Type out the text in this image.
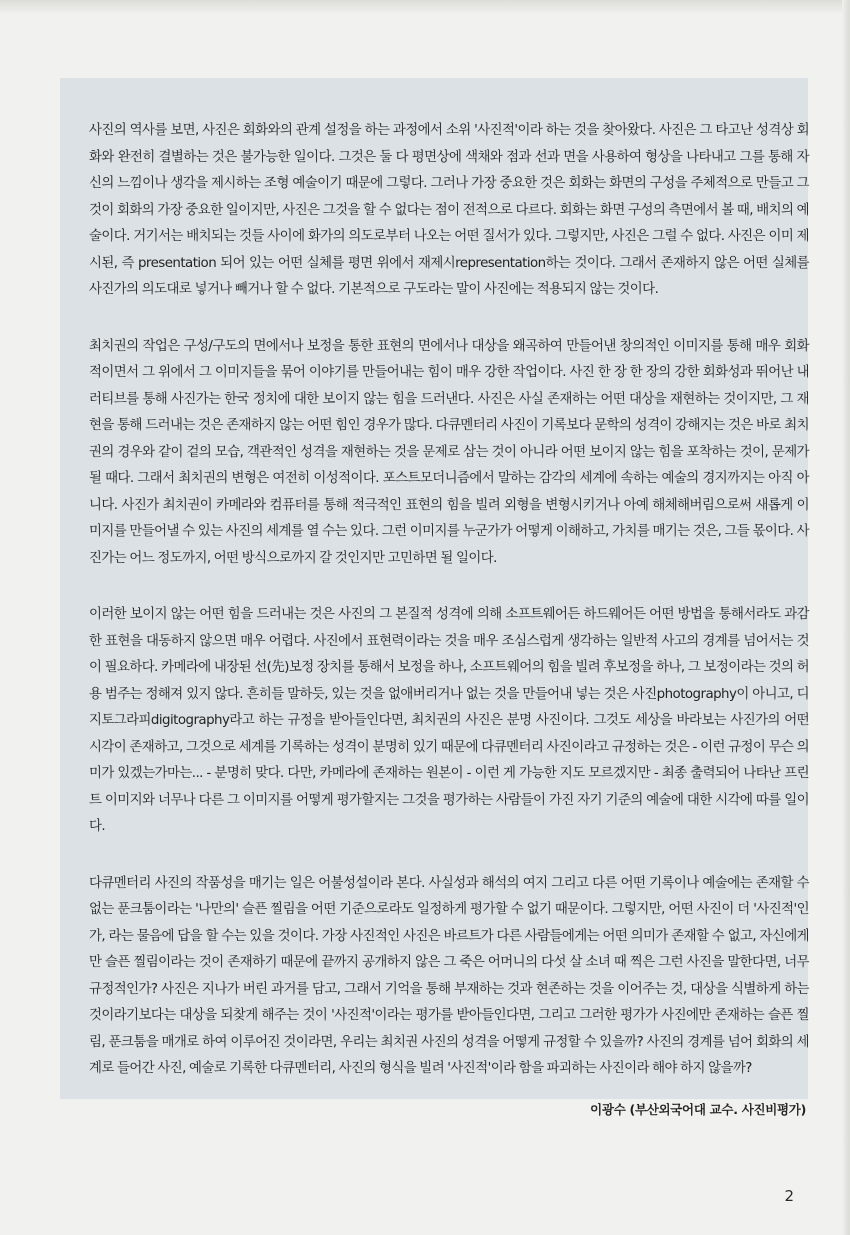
사진의 역사를 보면, 사진은 회화와의 관계 설정을 하는 과정에서 소위 '사진적'이라 하는 것을 찾아왔다. 사진은 그 타고난 성격상 회화와 완전히 결별하는 것은 불가능한 일이다. 그것은 둘 다 평면상에 색채와 점과 선과 면을 사용하여 형상을 나타내고 그를 통해 자신의 느낌이나 생각을 제시하는 조형 예술이기 때문에 그렇다. 그러나 가장 중요한 것은 회화는 화면의 구성을 주체적으로 만들고 그것이 회화의 가장 중요한 일이지만, 사진은 그것을 할 수 없다는 점이 전적으로 다르다. 회화는 화면 구성의 측면에서 볼 때, 배치의 예술이다. 거기서는 배치되는 것들 사이에 화가의 의도로부터 나오는 어떤 질서가 있다. 그렇지만, 사진은 그럴 수 없다. 사진은 이미 제시된, 즉 presentation 되어 있는 어떤 실체를 평면 위에서 재제시representation하는 것이다. 그래서 존재하지 않은 어떤 실체를 사진가의 의도대로 넣거나 빼거나 할 수 없다. 기본적으로 구도라는 말이 사진에는 적용되지 않는 것이다.

최치권의 작업은 구성/구도의 면에서나 보정을 통한 표현의 면에서나 대상을 왜곡하여 만들어낸 창의적인 이미지를 통해 매우 회화적이면서 그 위에서 그 이미지들을 묶어 이야기를 만들어내는 힘이 매우 강한 작업이다. 사진 한 장 한 장의 강한 회화성과 뛰어난 내러티브를 통해 사진가는 한국 정치에 대한 보이지 않는 힘을 드러낸다. 사진은 사실 존재하는 어떤 대상을 재현하는 것이지만, 그 재현을 통해 드러내는 것은 존재하지 않는 어떤 힘인 경우가 많다. 다큐멘터리 사진이 기록보다 문학의 성격이 강해지는 것은 바로 최치권의 경우와 같이 겉의 모습, 객관적인 성격을 재현하는 것을 문제로 삼는 것이 아니라 어떤 보이지 않는 힘을 포착하는 것이, 문제가 될 때다. 그래서 최치권의 변형은 여전히 이성적이다. 포스트모더니즘에서 말하는 감각의 세계에 속하는 예술의 경지까지는 아직 아니다. 사진가 최치권이 카메라와 컴퓨터를 통해 적극적인 표현의 힘을 빌려 외형을 변형시키거나 아예 해체해버림으로써 새롭게 이미지를 만들어낼 수 있는 사진의 세계를 열 수는 있다. 그런 이미지를 누군가가 어떻게 이해하고, 가치를 매기는 것은, 그들 몫이다. 사진가는 어느 정도까지, 어떤 방식으로까지 갈 것인지만 고민하면 될 일이다.

이러한 보이지 않는 어떤 힘을 드러내는 것은 사진의 그 본질적 성격에 의해 소프트웨어든 하드웨어든 어떤 방법을 통해서라도 과감한 표현을 대동하지 않으면 매우 어렵다. 사진에서 표현력이라는 것을 매우 조심스럽게 생각하는 일반적 사고의 경계를 넘어서는 것이 필요하다. 카메라에 내장된 선(先)보정 장치를 통해서 보정을 하나, 소프트웨어의 힘을 빌려 후보정을 하나, 그 보정이라는 것의 허용 범주는 정해져 있지 않다. 흔히들 말하듯, 있는 것을 없애버리거나 없는 것을 만들어내 넣는 것은 사진photography이 아니고, 디지토그라피digitography라고 하는 규정을 받아들인다면, 최치권의 사진은 분명 사진이다. 그것도 세상을 바라보는 사진가의 어떤 시각이 존재하고, 그것으로 세계를 기록하는 성격이 분명히 있기 때문에 다큐멘터리 사진이라고 규정하는 것은 - 이런 규정이 무슨 의미가 있겠는가마는... - 분명히 맞다. 다만, 카메라에 존재하는 원본이 - 이런 게 가능한 지도 모르겠지만 - 최종 출력되어 나타난 프린트 이미지와 너무나 다른 그 이미지를 어떻게 평가할지는 그것을 평가하는 사람들이 가진 자기 기준의 예술에 대한 시각에 따를 일이다.

다큐멘터리 사진의 작품성을 매기는 일은 어불성설이라 본다. 사실성과 해석의 여지 그리고 다른 어떤 기록이나 예술에는 존재할 수 없는 푼크툼이라는 '나만의' 슬픈 찔림을 어떤 기준으로라도 일정하게 평가할 수 없기 때문이다. 그렇지만, 어떤 사진이 더 '사진적'인가, 라는 물음에 답을 할 수는 있을 것이다. 가장 사진적인 사진은 바르트가 다른 사람들에게는 어떤 의미가 존재할 수 없고, 자신에게만 슬픈 찔림이라는 것이 존재하기 때문에 끝까지 공개하지 않은 그 죽은 어머니의 다섯 살 소녀 때 찍은 그런 사진을 말한다면, 너무 규정적인가? 사진은 지나가 버린 과거를 담고, 그래서 기억을 통해 부재하는 것과 현존하는 것을 이어주는 것, 대상을 식별하게 하는 것이라기보다는 대상을 되찾게 해주는 것이 '사진적'이라는 평가를 받아들인다면, 그리고 그러한 평가가 사진에만 존재하는 슬픈 찔림, 푼크툼을 매개로 하여 이루어진 것이라면, 우리는 최치권 사진의 성격을 어떻게 규정할 수 있을까? 사진의 경계를 넘어 회화의 세계로 들어간 사진, 예술로 기록한 다큐멘터리, 사진의 형식을 빌려 '사진적'이라 함을 파괴하는 사진이라 해야 하지 않을까?

이광수 (부산외국어대 교수. 사진비평가)
2
